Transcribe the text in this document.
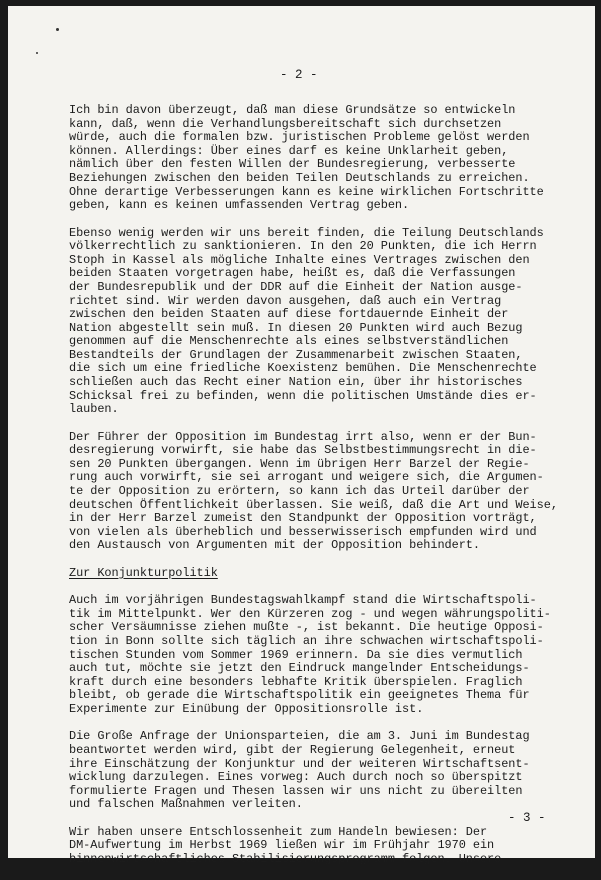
- 2 -
Ich bin davon überzeugt, daß man diese Grundsätze so entwickeln
kann, daß, wenn die Verhandlungsbereitschaft sich durchsetzen
würde, auch die formalen bzw. juristischen Probleme gelöst werden
können. Allerdings: Über eines darf es keine Unklarheit geben,
nämlich über den festen Willen der Bundesregierung, verbesserte
Beziehungen zwischen den beiden Teilen Deutschlands zu erreichen.
Ohne derartige Verbesserungen kann es keine wirklichen Fortschritte
geben, kann es keinen umfassenden Vertrag geben.
Ebenso wenig werden wir uns bereit finden, die Teilung Deutschlands
völkerrechtlich zu sanktionieren. In den 20 Punkten, die ich Herrn
Stoph in Kassel als mögliche Inhalte eines Vertrages zwischen den
beiden Staaten vorgetragen habe, heißt es, daß die Verfassungen
der Bundesrepublik und der DDR auf die Einheit der Nation ausge-
richtet sind. Wir werden davon ausgehen, daß auch ein Vertrag
zwischen den beiden Staaten auf diese fortdauernde Einheit der
Nation abgestellt sein muß. In diesen 20 Punkten wird auch Bezug
genommen auf die Menschenrechte als eines selbstverständlichen
Bestandteils der Grundlagen der Zusammenarbeit zwischen Staaten,
die sich um eine friedliche Koexistenz bemühen. Die Menschenrechte
schließen auch das Recht einer Nation ein, über ihr historisches
Schicksal frei zu befinden, wenn die politischen Umstände dies er-
lauben.
Der Führer der Opposition im Bundestag irrt also, wenn er der Bun-
desregierung vorwirft, sie habe das Selbstbestimmungsrecht in die-
sen 20 Punkten übergangen. Wenn im übrigen Herr Barzel der Regie-
rung auch vorwirft, sie sei arrogant und weigere sich, die Argumen-
te der Opposition zu erörtern, so kann ich das Urteil darüber der
deutschen Öffentlichkeit überlassen. Sie weiß, daß die Art und Weise,
in der Herr Barzel zumeist den Standpunkt der Opposition vorträgt,
von vielen als überheblich und besserwisserisch empfunden wird und
den Austausch von Argumenten mit der Opposition behindert.
Zur Konjunkturpolitik
Auch im vorjährigen Bundestagswahlkampf stand die Wirtschaftspoli-
tik im Mittelpunkt. Wer den Kürzeren zog - und wegen währungspoliti-
scher Versäumnisse ziehen mußte -, ist bekannt. Die heutige Opposi-
tion in Bonn sollte sich täglich an ihre schwachen wirtschaftspoli-
tischen Stunden vom Sommer 1969 erinnern. Da sie dies vermutlich
auch tut, möchte sie jetzt den Eindruck mangelnder Entscheidungs-
kraft durch eine besonders lebhafte Kritik überspielen. Fraglich
bleibt, ob gerade die Wirtschaftspolitik ein geeignetes Thema für
Experimente zur Einübung der Oppositionsrolle ist.
Die Große Anfrage der Unionsparteien, die am 3. Juni im Bundestag
beantwortet werden wird, gibt der Regierung Gelegenheit, erneut
ihre Einschätzung der Konjunktur und der weiteren Wirtschaftsent-
wicklung darzulegen. Eines vorweg: Auch durch noch so überspitzt
formulierte Fragen und Thesen lassen wir uns nicht zu übereilten
und falschen Maßnahmen verleiten.
Wir haben unsere Entschlossenheit zum Handeln bewiesen: Der
DM-Aufwertung im Herbst 1969 ließen wir im Frühjahr 1970 ein
binnenwirtschaftliches Stabilisierungsprogramm folgen. Unsere
- 3 -
